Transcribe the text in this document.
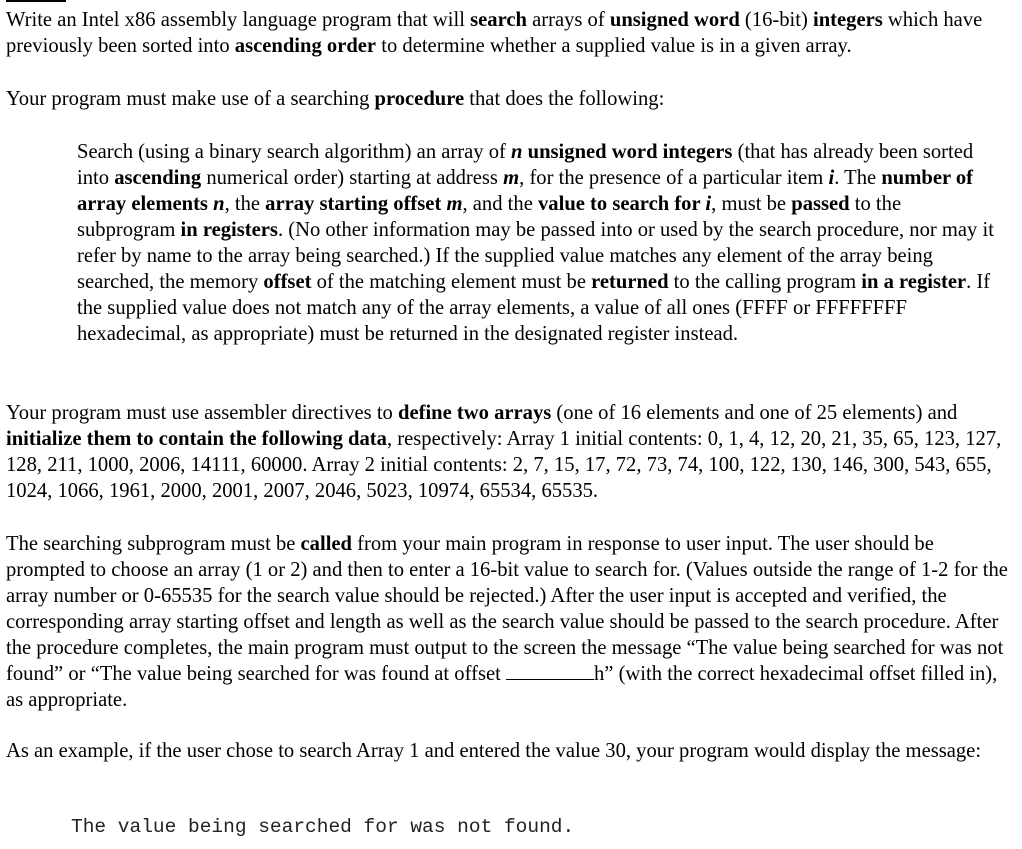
Write an Intel x86 assembly language program that will search arrays of unsigned word (16-bit) integers which have previously been sorted into ascending order to determine whether a supplied value is in a given array.

Your program must make use of a searching procedure that does the following:

Search (using a binary search algorithm) an array of n unsigned word integers (that has already been sorted into ascending numerical order) starting at address m, for the presence of a particular item i. The number of array elements n, the array starting offset m, and the value to search for i, must be passed to the subprogram in registers. (No other information may be passed into or used by the search procedure, nor may it refer by name to the array being searched.) If the supplied value matches any element of the array being searched, the memory offset of the matching element must be returned to the calling program in a register. If the supplied value does not match any of the array elements, a value of all ones (FFFF or FFFFFFFF hexadecimal, as appropriate) must be returned in the designated register instead.

Your program must use assembler directives to define two arrays (one of 16 elements and one of 25 elements) and initialize them to contain the following data, respectively: Array 1 initial contents: 0, 1, 4, 12, 20, 21, 35, 65, 123, 127, 128, 211, 1000, 2006, 14111, 60000. Array 2 initial contents: 2, 7, 15, 17, 72, 73, 74, 100, 122, 130, 146, 300, 543, 655, 1024, 1066, 1961, 2000, 2001, 2007, 2046, 5023, 10974, 65534, 65535.

The searching subprogram must be called from your main program in response to user input. The user should be prompted to choose an array (1 or 2) and then to enter a 16-bit value to search for. (Values outside the range of 1-2 for the array number or 0-65535 for the search value should be rejected.) After the user input is accepted and verified, the corresponding array starting offset and length as well as the search value should be passed to the search procedure. After the procedure completes, the main program must output to the screen the message “The value being searched for was not found” or “The value being searched for was found at offset	h” (with the correct hexadecimal offset filled in), as appropriate.

As an example, if the user chose to search Array 1 and entered the value 30, your program would display the message:

The value being searched for was not found.
